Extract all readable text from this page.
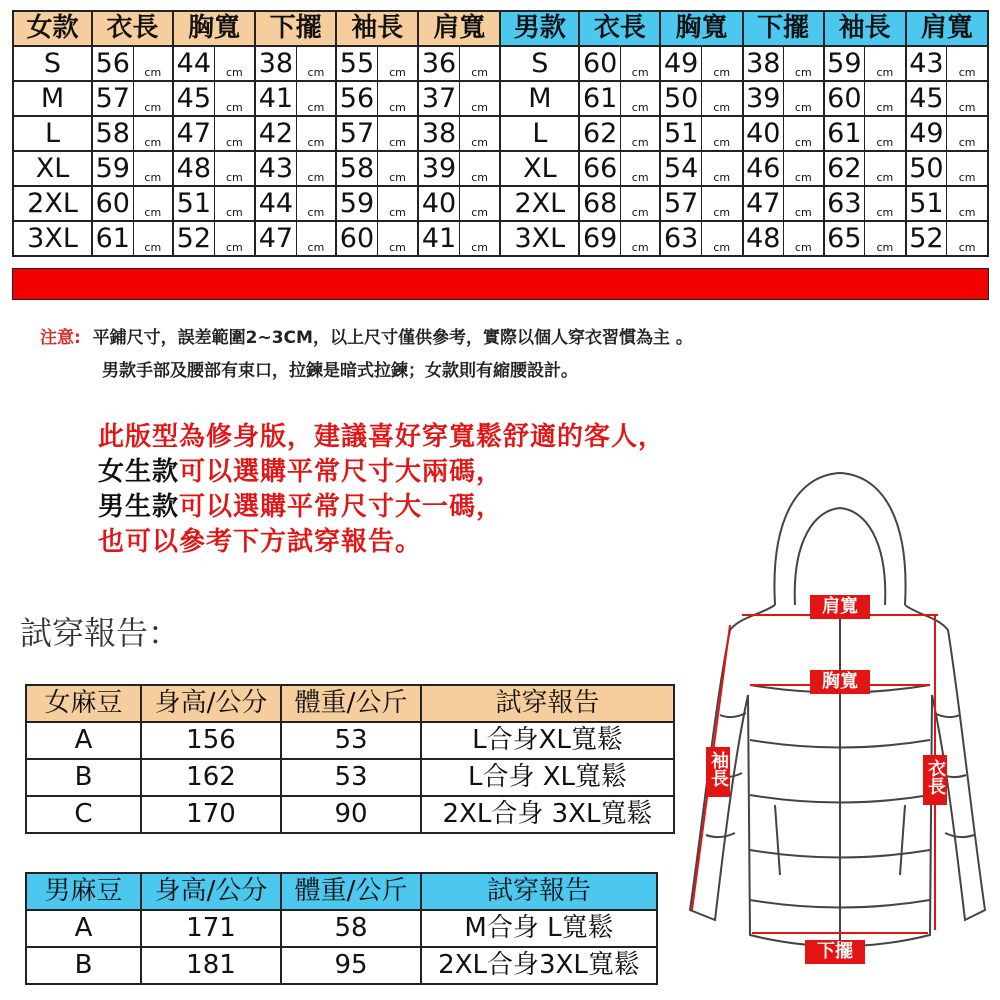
女款	衣長		胸寬		下擺		袖長		肩寬		男款	衣長		胸寬		下擺		袖長		肩寬	
S	56	cm	44	cm	38	cm	55	cm	36	cm	S	60	cm	49	cm	38	cm	59	cm	43	cm
M	57	cm	45	cm	41	cm	56	cm	37	cm	M	61	cm	50	cm	39	cm	60	cm	45	cm
L	58	cm	47	cm	42	cm	57	cm	38	cm	L	62	cm	51	cm	40	cm	61	cm	49	cm
XL	59	cm	48	cm	43	cm	58	cm	39	cm	XL	66	cm	54	cm	46	cm	62	cm	50	cm
2XL	60	cm	51	cm	44	cm	59	cm	40	cm	2XL	68	cm	57	cm	47	cm	63	cm	51	cm
3XL	61	cm	52	cm	47	cm	60	cm	41	cm	3XL	69	cm	63	cm	48	cm	65	cm	52	cm
注意: 平鋪尺寸，誤差範圍2~3CM，以上尺寸僅供參考，實際以個人穿衣習慣為主 。
男款手部及腰部有束口，拉鍊是暗式拉鍊；女款則有縮腰設計。
此版型為修身版，建議喜好穿寬鬆舒適的客人，
女生款可以選購平常尺寸大兩碼，
男生款可以選購平常尺寸大一碼，
也可以參考下方試穿報告。
試穿報告：
女麻豆	身高/公分	體重/公斤	試穿報告
A	156	53	L合身XL寬鬆
B	162	53	L合身 XL寬鬆
C	170	90	2XL合身 3XL寬鬆
男麻豆	身高/公分	體重/公斤	試穿報告
A	171	58	M合身 L寬鬆
B	181	95	2XL合身3XL寬鬆
肩寬
胸寬
袖長	衣長
下擺
